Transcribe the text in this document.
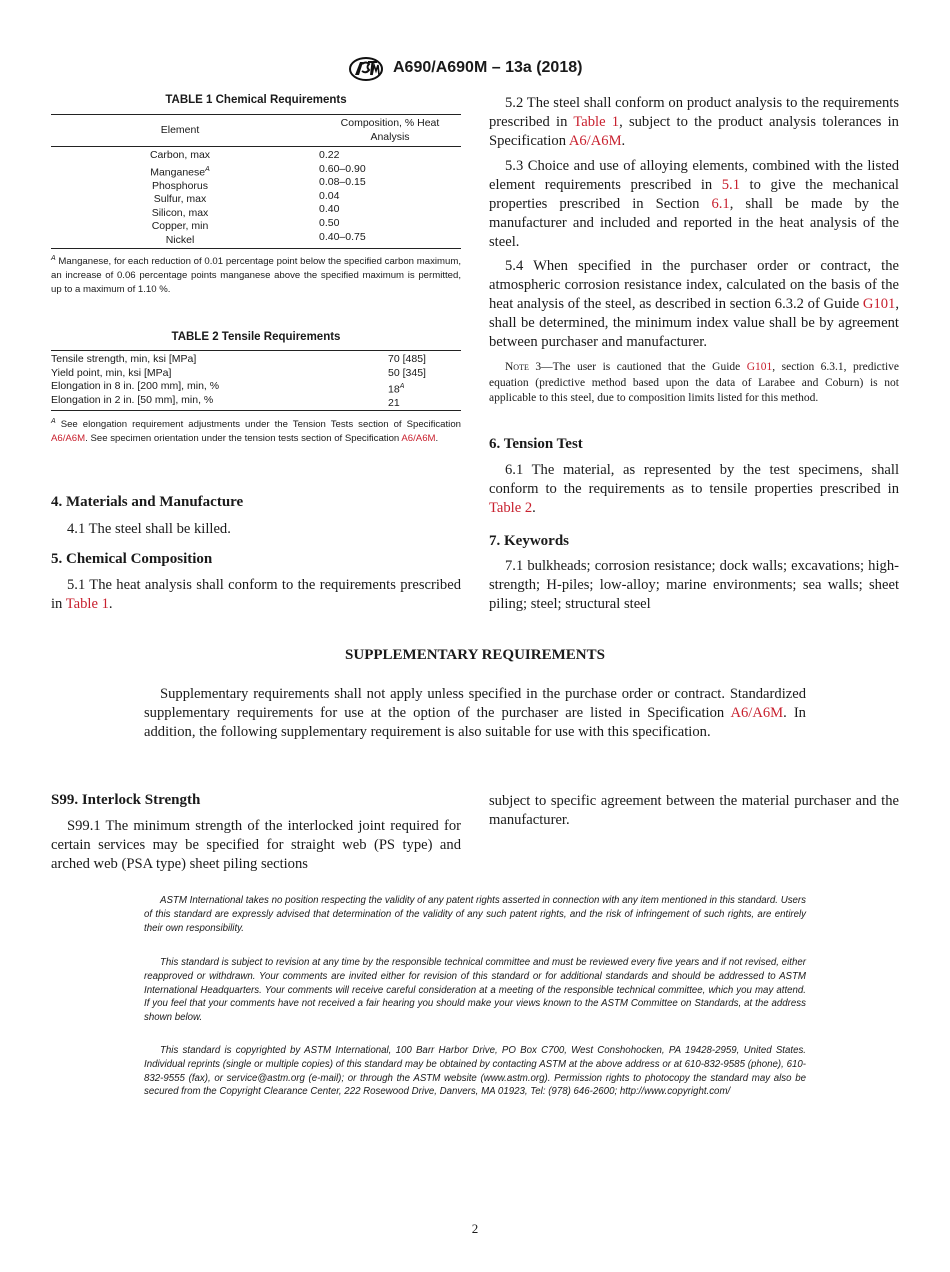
A690/A690M – 13a (2018)
TABLE 1 Chemical Requirements
Element
Composition, % Heat
Analysis
Carbon, max
Manganese$^A$
Phosphorus
Sulfur, max
Silicon, max
Copper, min
Nickel
0.22
0.60–0.90
0.08–0.15
0.04
0.40
0.50
0.40–0.75
$^A$ Manganese, for each reduction of 0.01 percentage point below the specified carbon maximum, an increase of 0.06 percentage points manganese above the specified maximum is permitted, up to a maximum of 1.10 %.
TABLE 2 Tensile Requirements
Tensile strength, min, ksi [MPa]
Yield point, min, ksi [MPa]
Elongation in 8 in. [200 mm], min, %
Elongation in 2 in. [50 mm], min, %
70 [485]
50 [345]
$18^A$
21
$^A$ See elongation requirement adjustments under the Tension Tests section of Specification A6/A6M. See specimen orientation under the tension tests section of Specification A6/A6M.
4. Materials and Manufacture
4.1 The steel shall be killed.
5. Chemical Composition
5.1 The heat analysis shall conform to the requirements prescribed in Table 1.
5.2 The steel shall conform on product analysis to the requirements prescribed in Table 1, subject to the product analysis tolerances in Specification A6/A6M.
5.3 Choice and use of alloying elements, combined with the listed element requirements prescribed in 5.1 to give the mechanical properties prescribed in Section 6.1, shall be made by the manufacturer and included and reported in the heat analysis of the steel.
5.4 When specified in the purchaser order or contract, the atmospheric corrosion resistance index, calculated on the basis of the heat analysis of the steel, as described in section 6.3.2 of Guide G101, shall be determined, the minimum index value shall be by agreement between purchaser and manufacturer.
Note 3—The user is cautioned that the Guide G101, section 6.3.1, predictive equation (predictive method based upon the data of Larabee and Coburn) is not applicable to this steel, due to composition limits listed for this method.
6. Tension Test
6.1 The material, as represented by the test specimens, shall conform to the requirements as to tensile properties prescribed in Table 2.
7. Keywords
7.1 bulkheads; corrosion resistance; dock walls; excavations; high-strength; H-piles; low-alloy; marine environments; sea walls; sheet piling; steel; structural steel
SUPPLEMENTARY REQUIREMENTS
Supplementary requirements shall not apply unless specified in the purchase order or contract. Standardized supplementary requirements for use at the option of the purchaser are listed in Specification A6/A6M. In addition, the following supplementary requirement is also suitable for use with this specification.
S99. Interlock Strength
S99.1 The minimum strength of the interlocked joint required for certain services may be specified for straight web (PS type) and arched web (PSA type) sheet piling sections
subject to specific agreement between the material purchaser and the manufacturer.
ASTM International takes no position respecting the validity of any patent rights asserted in connection with any item mentioned in this standard. Users of this standard are expressly advised that determination of the validity of any such patent rights, and the risk of infringement of such rights, are entirely their own responsibility.
This standard is subject to revision at any time by the responsible technical committee and must be reviewed every five years and if not revised, either reapproved or withdrawn. Your comments are invited either for revision of this standard or for additional standards and should be addressed to ASTM International Headquarters. Your comments will receive careful consideration at a meeting of the responsible technical committee, which you may attend. If you feel that your comments have not received a fair hearing you should make your views known to the ASTM Committee on Standards, at the address shown below.
This standard is copyrighted by ASTM International, 100 Barr Harbor Drive, PO Box C700, West Conshohocken, PA 19428-2959, United States. Individual reprints (single or multiple copies) of this standard may be obtained by contacting ASTM at the above address or at 610-832-9585 (phone), 610-832-9555 (fax), or service@astm.org (e-mail); or through the ASTM website (www.astm.org). Permission rights to photocopy the standard may also be secured from the Copyright Clearance Center, 222 Rosewood Drive, Danvers, MA 01923, Tel: (978) 646-2600; http://www.copyright.com/
2
